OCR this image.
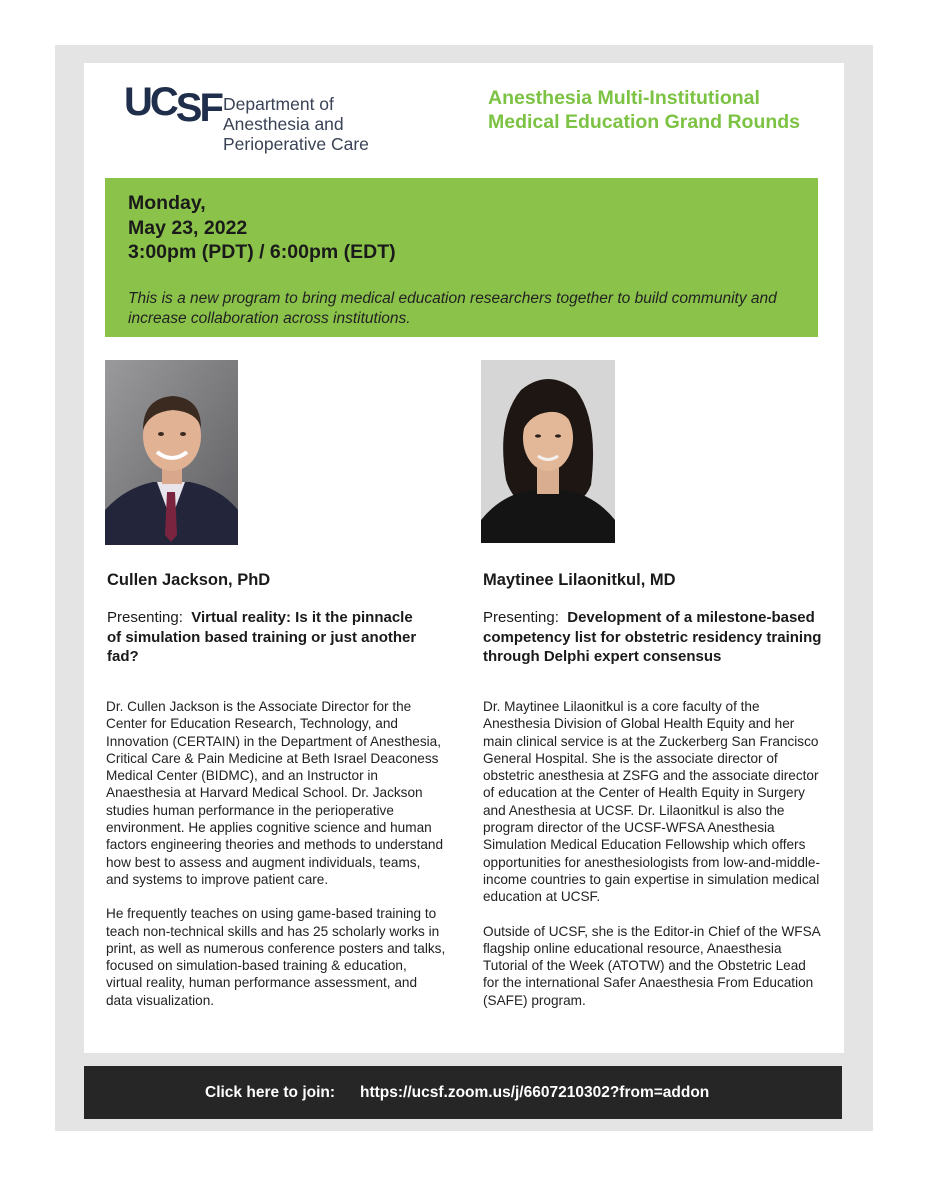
UCSF Department of
Anesthesia and
Perioperative Care
Anesthesia Multi-Institutional
Medical Education Grand Rounds
Monday,
May 23, 2022
3:00pm (PDT) / 6:00pm (EDT)
This is a new program to bring medical education researchers together to build community and increase collaboration across institutions.
Cullen Jackson, PhD
Presenting: Virtual reality: Is it the pinnacle of simulation based training or just another fad?

Dr. Cullen Jackson is the Associate Director for the Center for Education Research, Technology, and Innovation (CERTAIN) in the Department of Anesthesia, Critical Care & Pain Medicine at Beth Israel Deaconess Medical Center (BIDMC), and an Instructor in Anaesthesia at Harvard Medical School. Dr. Jackson studies human performance in the perioperative environment. He applies cognitive science and human factors engineering theories and methods to understand how best to assess and augment individuals, teams, and systems to improve patient care.

He frequently teaches on using game-based training to teach non-technical skills and has 25 scholarly works in print, as well as numerous conference posters and talks, focused on simulation-based training & education, virtual reality, human performance assessment, and data visualization.

Maytinee Lilaonitkul, MD
Presenting: Development of a milestone-based competency list for obstetric residency training through Delphi expert consensus

Dr. Maytinee Lilaonitkul is a core faculty of the Anesthesia Division of Global Health Equity and her main clinical service is at the Zuckerberg San Francisco General Hospital. She is the associate director of obstetric anesthesia at ZSFG and the associate director of education at the Center of Health Equity in Surgery and Anesthesia at UCSF. Dr. Lilaonitkul is also the program director of the UCSF-WFSA Anesthesia Simulation Medical Education Fellowship which offers opportunities for anesthesiologists from low-and-middle-income countries to gain expertise in simulation medical education at UCSF.

Outside of UCSF, she is the Editor-in Chief of the WFSA flagship online educational resource, Anaesthesia Tutorial of the Week (ATOTW) and the Obstetric Lead for the international Safer Anaesthesia From Education (SAFE) program.

Click here to join: https://ucsf.zoom.us/j/6607210302?from=addon
